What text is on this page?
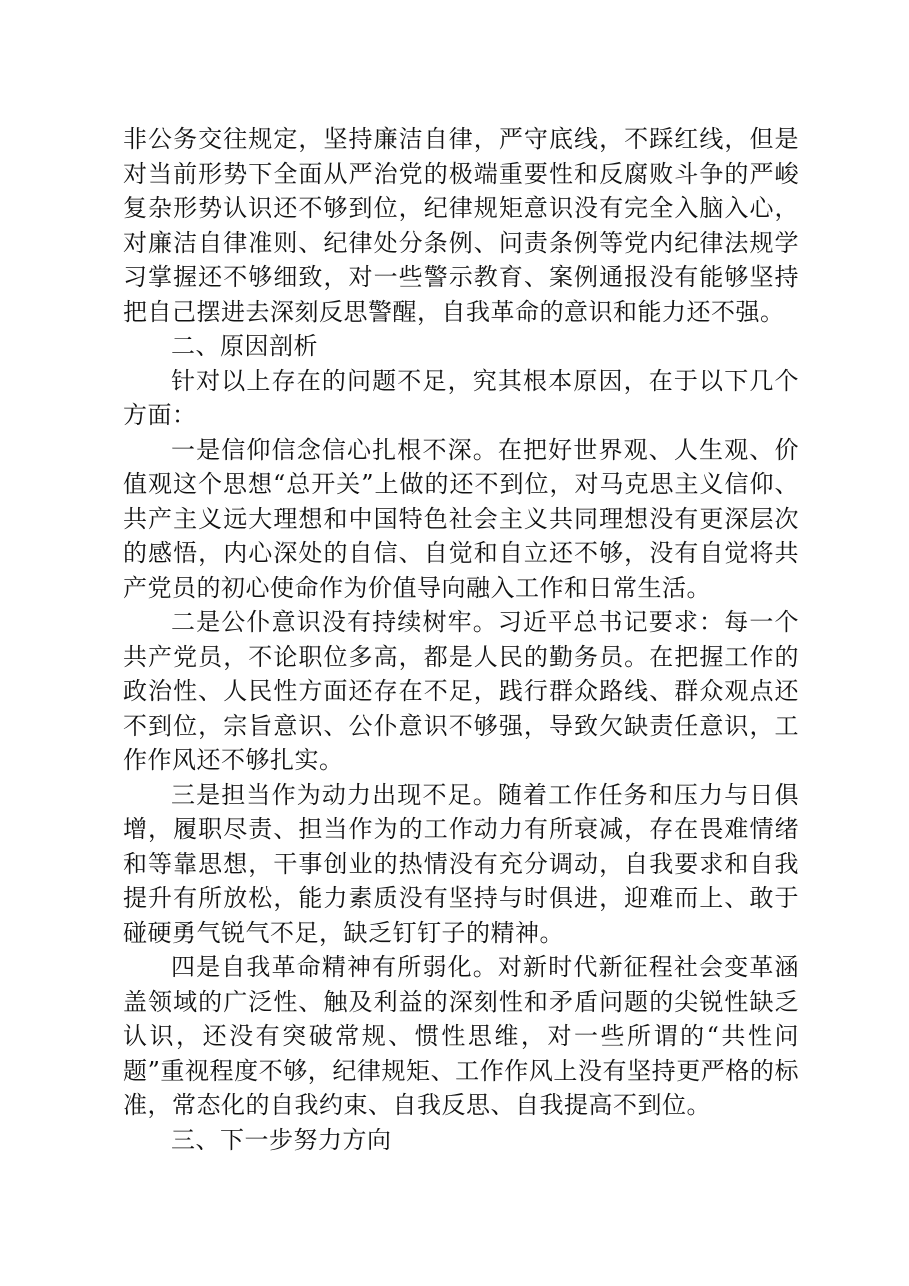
非公务交往规定，坚持廉洁自律，严守底线，不踩红线，但是对当前形势下全面从严治党的极端重要性和反腐败斗争的严峻复杂形势认识还不够到位，纪律规矩意识没有完全入脑入心，对廉洁自律准则、纪律处分条例、问责条例等党内纪律法规学习掌握还不够细致，对一些警示教育、案例通报没有能够坚持把自己摆进去深刻反思警醒，自我革命的意识和能力还不强。

二、原因剖析

针对以上存在的问题不足，究其根本原因，在于以下几个方面：

一是信仰信念信心扎根不深。在把好世界观、人生观、价值观这个思想“总开关”上做的还不到位，对马克思主义信仰、共产主义远大理想和中国特色社会主义共同理想没有更深层次的感悟，内心深处的自信、自觉和自立还不够，没有自觉将共产党员的初心使命作为价值导向融入工作和日常生活。

二是公仆意识没有持续树牢。习近平总书记要求：每一个共产党员，不论职位多高，都是人民的勤务员。在把握工作的政治性、人民性方面还存在不足，践行群众路线、群众观点还不到位，宗旨意识、公仆意识不够强，导致欠缺责任意识，工作作风还不够扎实。

三是担当作为动力出现不足。随着工作任务和压力与日俱增，履职尽责、担当作为的工作动力有所衰减，存在畏难情绪和等靠思想，干事创业的热情没有充分调动，自我要求和自我提升有所放松，能力素质没有坚持与时俱进，迎难而上、敢于碰硬勇气锐气不足，缺乏钉钉子的精神。

四是自我革命精神有所弱化。对新时代新征程社会变革涵盖领域的广泛性、触及利益的深刻性和矛盾问题的尖锐性缺乏认识，还没有突破常规、惯性思维，对一些所谓的“共性问题”重视程度不够，纪律规矩、工作作风上没有坚持更严格的标准，常态化的自我约束、自我反思、自我提高不到位。

三、下一步努力方向
